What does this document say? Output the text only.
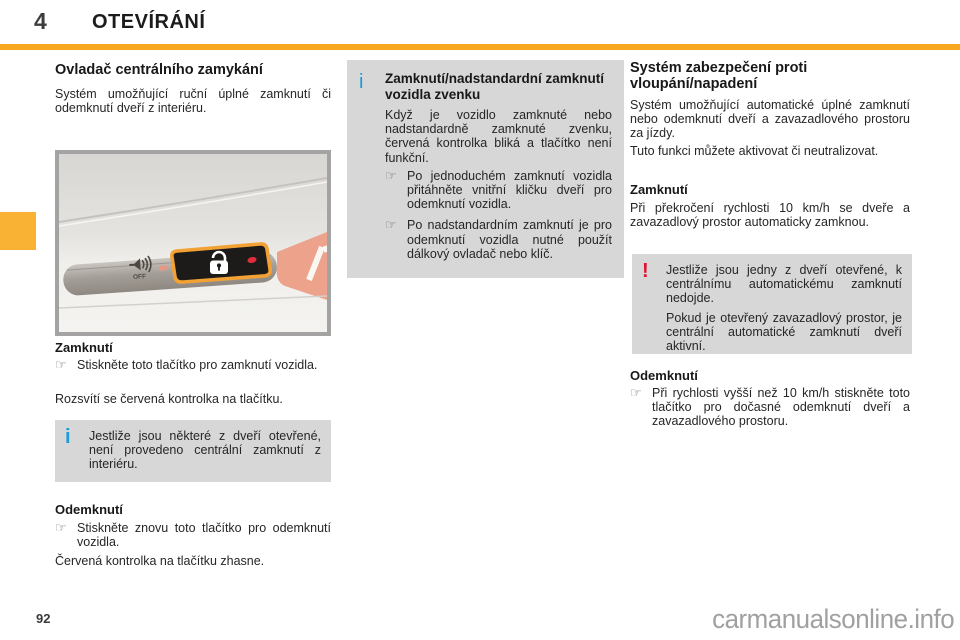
4 OTEVÍRÁNÍ
Ovladač centrálního zamykání
Systém umožňující ruční úplné zamknutí či odemknutí dveří z interiéru.
OFF
Zamknutí
☞ Stiskněte toto tlačítko pro zamknutí vozidla.

Rozsvítí se červená kontrolka na tlačítku.
i	Jestliže jsou některé z dveří otevřené, není provedeno centrální zamknutí z interiéru.

Odemknutí
☞ Stiskněte znovu toto tlačítko pro odemknutí vozidla.

Červená kontrolka na tlačítku zhasne.
i	Zamknutí/nadstandardní zamknutí vozidla zvenku

Když je vozidlo zamknuté nebo nadstandardně zamknuté zvenku, červená kontrolka bliká a tlačítko není funkční.

☞ Po jednoduchém zamknutí vozidla přitáhněte vnitřní kličku dveří pro odemknutí vozidla.

☞ Po nadstandardním zamknutí je pro odemknutí vozidla nutné použít dálkový ovladač nebo klíč.

Systém zabezpečení proti vloupání/napadení
Systém umožňující automatické úplné zamknutí nebo odemknutí dveří a zavazadlového prostoru za jízdy.
Tuto funkci můžete aktivovat či neutralizovat.
Zamknutí
Při překročení rychlosti 10 km/h se dveře a zavazadlový prostor automaticky zamknou.
!	Jestliže jsou jedny z dveří otevřené, k centrálnímu automatickému zamknutí nedojde.

Pokud je otevřený zavazadlový prostor, je centrální automatické zamknutí dveří aktivní.

Odemknutí
☞ Při rychlosti vyšší než 10 km/h stiskněte toto tlačítko pro dočasné odemknutí dveří a zavazadlového prostoru.

92	carmanualsonline.info
